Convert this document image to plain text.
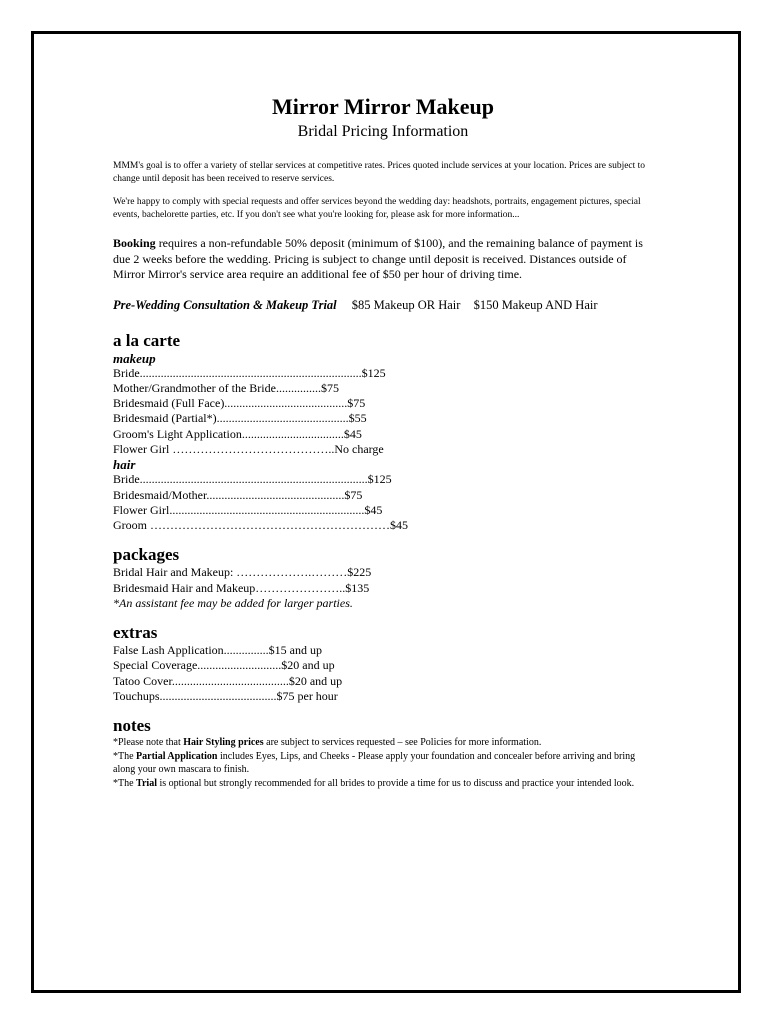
Mirror Mirror Makeup
Bridal Pricing Information

MMM's goal is to offer a variety of stellar services at competitive rates. Prices quoted include services at your location. Prices are subject to change until deposit has been received to reserve services.

We're happy to comply with special requests and offer services beyond the wedding day: headshots, portraits, engagement pictures, special events, bachelorette parties, etc. If you don't see what you're looking for, please ask for more information...

Booking requires a non-refundable 50% deposit (minimum of $100), and the remaining balance of payment is due 2 weeks before the wedding. Pricing is subject to change until deposit is received. Distances outside of Mirror Mirror's service area require an additional fee of $50 per hour of driving time.
Pre-Wedding Consultation & Makeup Trial $85 Makeup OR Hair $150 Makeup AND Hair
a la carte
makeup
Bride..........................................................................$125
Mother/Grandmother of the Bride...............$75
Bridesmaid (Full Face).........................................$75
Bridesmaid (Partial*)............................................$55
Groom's Light Application..................................$45
Flower Girl …………………………………..No charge
hair
Bride............................................................................$125
Bridesmaid/Mother..............................................$75
Flower Girl.................................................................$45
Groom ……………………………………………………$45
packages
Bridal Hair and Makeup: ……………….………$225
Bridesmaid Hair and Makeup…………………..$135
*An assistant fee may be added for larger parties.
extras
False Lash Application...............$15 and up
Special Coverage............................$20 and up
Tatoo Cover.......................................$20 and up
Touchups.......................................$75 per hour
notes

*Please note that Hair Styling prices are subject to services requested – see Policies for more information.

*The Partial Application includes Eyes, Lips, and Cheeks - Please apply your foundation and concealer before arriving and bring along your own mascara to finish.

*The Trial is optional but strongly recommended for all brides to provide a time for us to discuss and practice your intended look.
